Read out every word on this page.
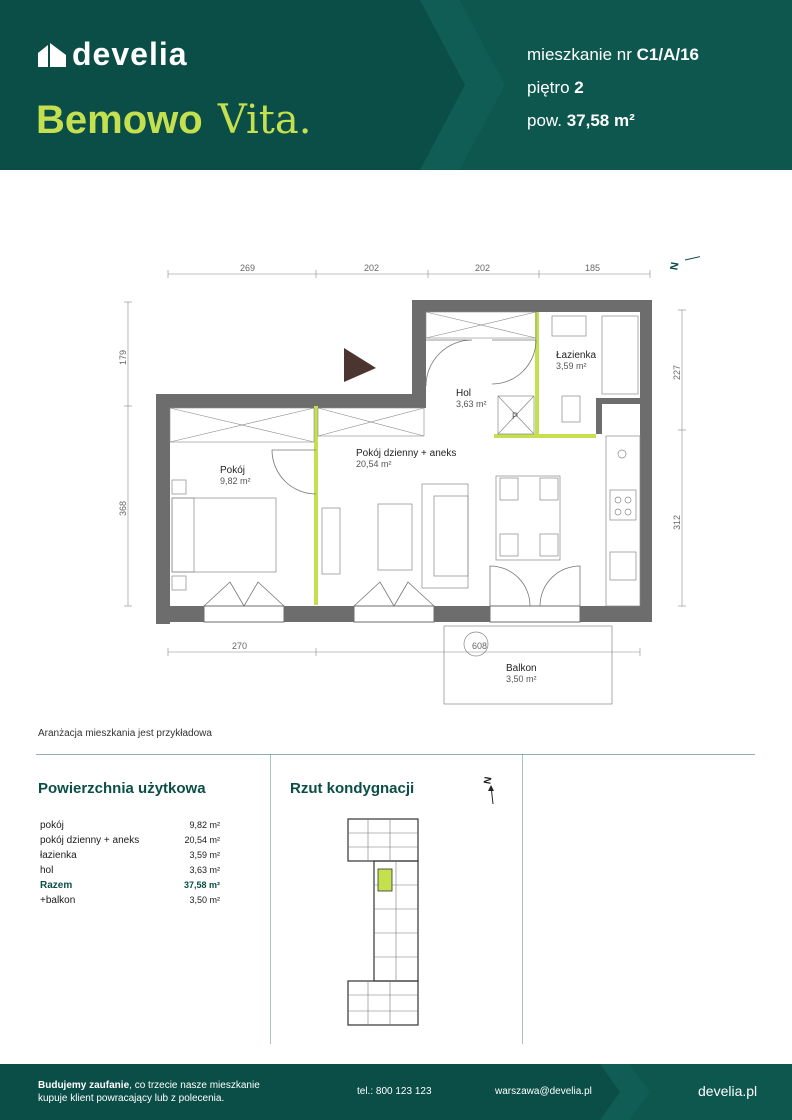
develia
Bemowo Vita.
mieszkanie nr C1/A/16
piętro 2
pow. 37,58 m²
269	202	202	185
179
368
227
312
270	608
N
P
Pokój
9,82 m²
Pokój dzienny + aneks
20,54 m²
Hol
3,63 m²
Łazienka
3,59 m²
Balkon
3,50 m²
Aranżacja mieszkania jest przykładowa
Powierzchnia użytkowa
pokój	9,82 m²
pokój dzienny + aneks	20,54 m²
łazienka	3,59 m²
hol	3,63 m²
Razem	37,58 m²
+balkon	3,50 m²
Rzut kondygnacji	N
Budujemy zaufanie, co trzecie nasze mieszkanie
kupuje klient powracający lub z polecenia.
tel.: 800 123 123	warszawa@develia.pl	develia.pl
